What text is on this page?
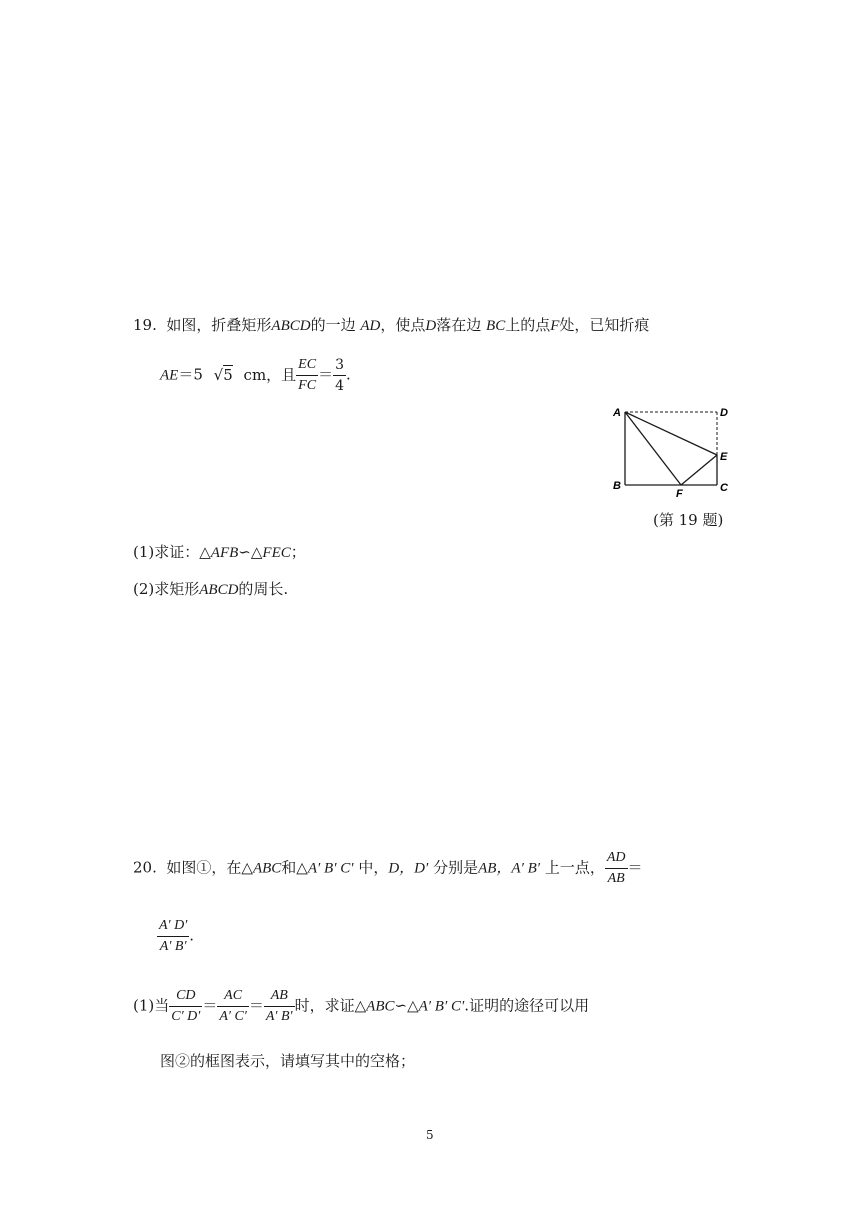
19. 如图，折叠矩形ABCD的一边 AD，使点D落在边 BC上的点F处，已知折痕
AE＝5 √5 cm，且 $\frac{EC}{FC} = \frac{3}{4}$ .
A	D
E
B
F	C
(第 19 题)
(1)求证：△AFB∽△FEC；
(2)求矩形ABCD的周长.
20. 如图①，在△ABC和△A′ B′ C′ 中，D，D′ 分别是AB，A′ B′ 上一点， $\frac{AD}{AB}$ ＝
$\frac{A' D'}{A' B'}$ .
(1)当 $\frac{CD}{C' D'} = \frac{AC}{A' C'} = \frac{AB}{A' B'}$ 时，求证△ABC∽△A′ B′ C′.证明的途径可以用
图②的框图表示，请填写其中的空格；
5
